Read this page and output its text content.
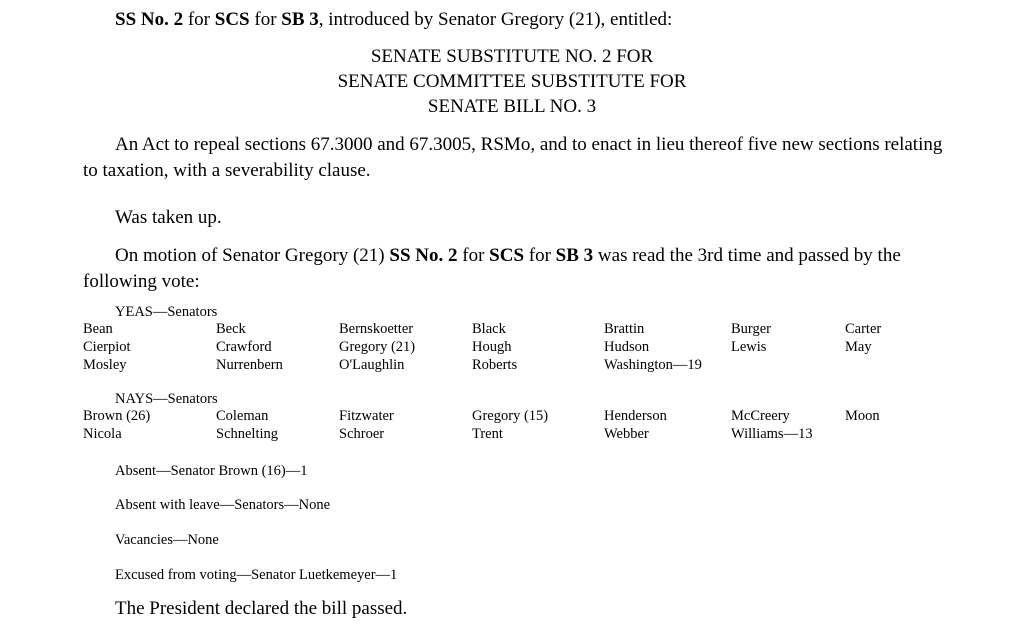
SS No. 2 for SCS for SB 3, introduced by Senator Gregory (21), entitled:
SENATE SUBSTITUTE NO. 2 FOR
SENATE COMMITTEE SUBSTITUTE FOR
SENATE BILL NO. 3
An Act to repeal sections 67.3000 and 67.3005, RSMo, and to enact in lieu thereof five new sections relating to taxation, with a severability clause.
Was taken up.
On motion of Senator Gregory (21) SS No. 2 for SCS for SB 3 was read the 3rd time and passed by the following vote:
YEAS—Senators
Bean	Beck	Bernskoetter	Black	Brattin	Burger	Carter
Cierpiot	Crawford	Gregory (21)	Hough	Hudson	Lewis	May
Mosley	Nurrenbern	O'Laughlin	Roberts	Washington—19
NAYS—Senators
Brown (26)	Coleman	Fitzwater	Gregory (15)	Henderson	McCreery	Moon
Nicola	Schnelting	Schroer	Trent	Webber	Williams—13
Absent—Senator Brown (16)—1
Absent with leave—Senators—None
Vacancies—None
Excused from voting—Senator Luetkemeyer—1
The President declared the bill passed.
